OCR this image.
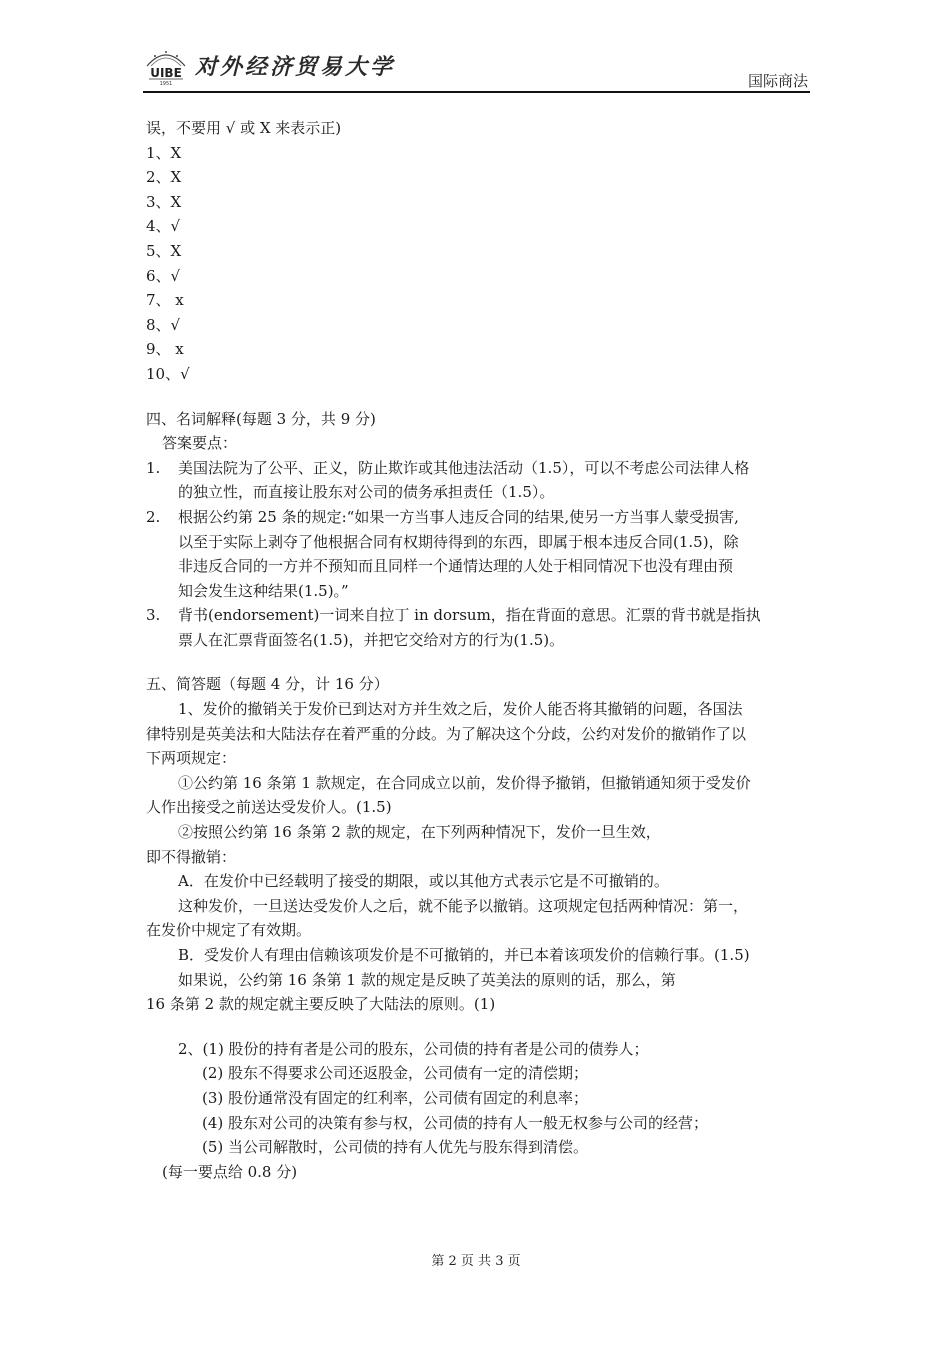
UIBE
1951
对外经济贸易大学
国际商法
误，不要用 √ 或 X 来表示正)
1、X
2、X
3、X
4、√
5、X
6、√
7、 x
8、√
9、 x
10、√
四、名词解释(每题 3 分，共 9 分)
答案要点：
1. 美国法院为了公平、正义，防止欺诈或其他违法活动（1.5），可以不考虑公司法律人格
的独立性，而直接让股东对公司的债务承担责任（1.5）。
2. 根据公约第 25 条的规定:“如果一方当事人违反合同的结果,使另一方当事人蒙受损害,
以至于实际上剥夺了他根据合同有权期待得到的东西，即属于根本违反合同(1.5)，除
非违反合同的一方并不预知而且同样一个通情达理的人处于相同情况下也没有理由预
知会发生这种结果(1.5)。”
3. 背书(endorsement)一词来自拉丁 in dorsum，指在背面的意思。汇票的背书就是指执
票人在汇票背面签名(1.5)，并把它交给对方的行为(1.5)。
五、简答题（每题 4 分，计 16 分）
1、发价的撤销关于发价已到达对方并生效之后，发价人能否将其撤销的问题，各国法
律特别是英美法和大陆法存在着严重的分歧。为了解决这个分歧，公约对发价的撤销作了以
下两项规定：
①公约第 16 条第 1 款规定，在合同成立以前，发价得予撤销，但撤销通知须于受发价
人作出接受之前送达受发价人。(1.5)
②按照公约第 16 条第 2 款的规定，在下列两种情况下，发价一旦生效，
即不得撤销：
A．在发价中已经载明了接受的期限，或以其他方式表示它是不可撤销的。
这种发价，一旦送达受发价人之后，就不能予以撤销。这项规定包括两种情况：第一，
在发价中规定了有效期。
B．受发价人有理由信赖该项发价是不可撤销的，并已本着该项发价的信赖行事。(1.5)
如果说，公约第 16 条第 1 款的规定是反映了英美法的原则的话，那么，第
16 条第 2 款的规定就主要反映了大陆法的原则。(1)
2、(1) 股份的持有者是公司的股东，公司债的持有者是公司的债券人；
(2) 股东不得要求公司还返股金，公司债有一定的清偿期；
(3) 股份通常没有固定的红利率，公司债有固定的利息率；
(4) 股东对公司的决策有参与权，公司债的持有人一般无权参与公司的经营；
(5) 当公司解散时，公司债的持有人优先与股东得到清偿。
(每一要点给 0.8 分)
第 2 页 共 3 页
